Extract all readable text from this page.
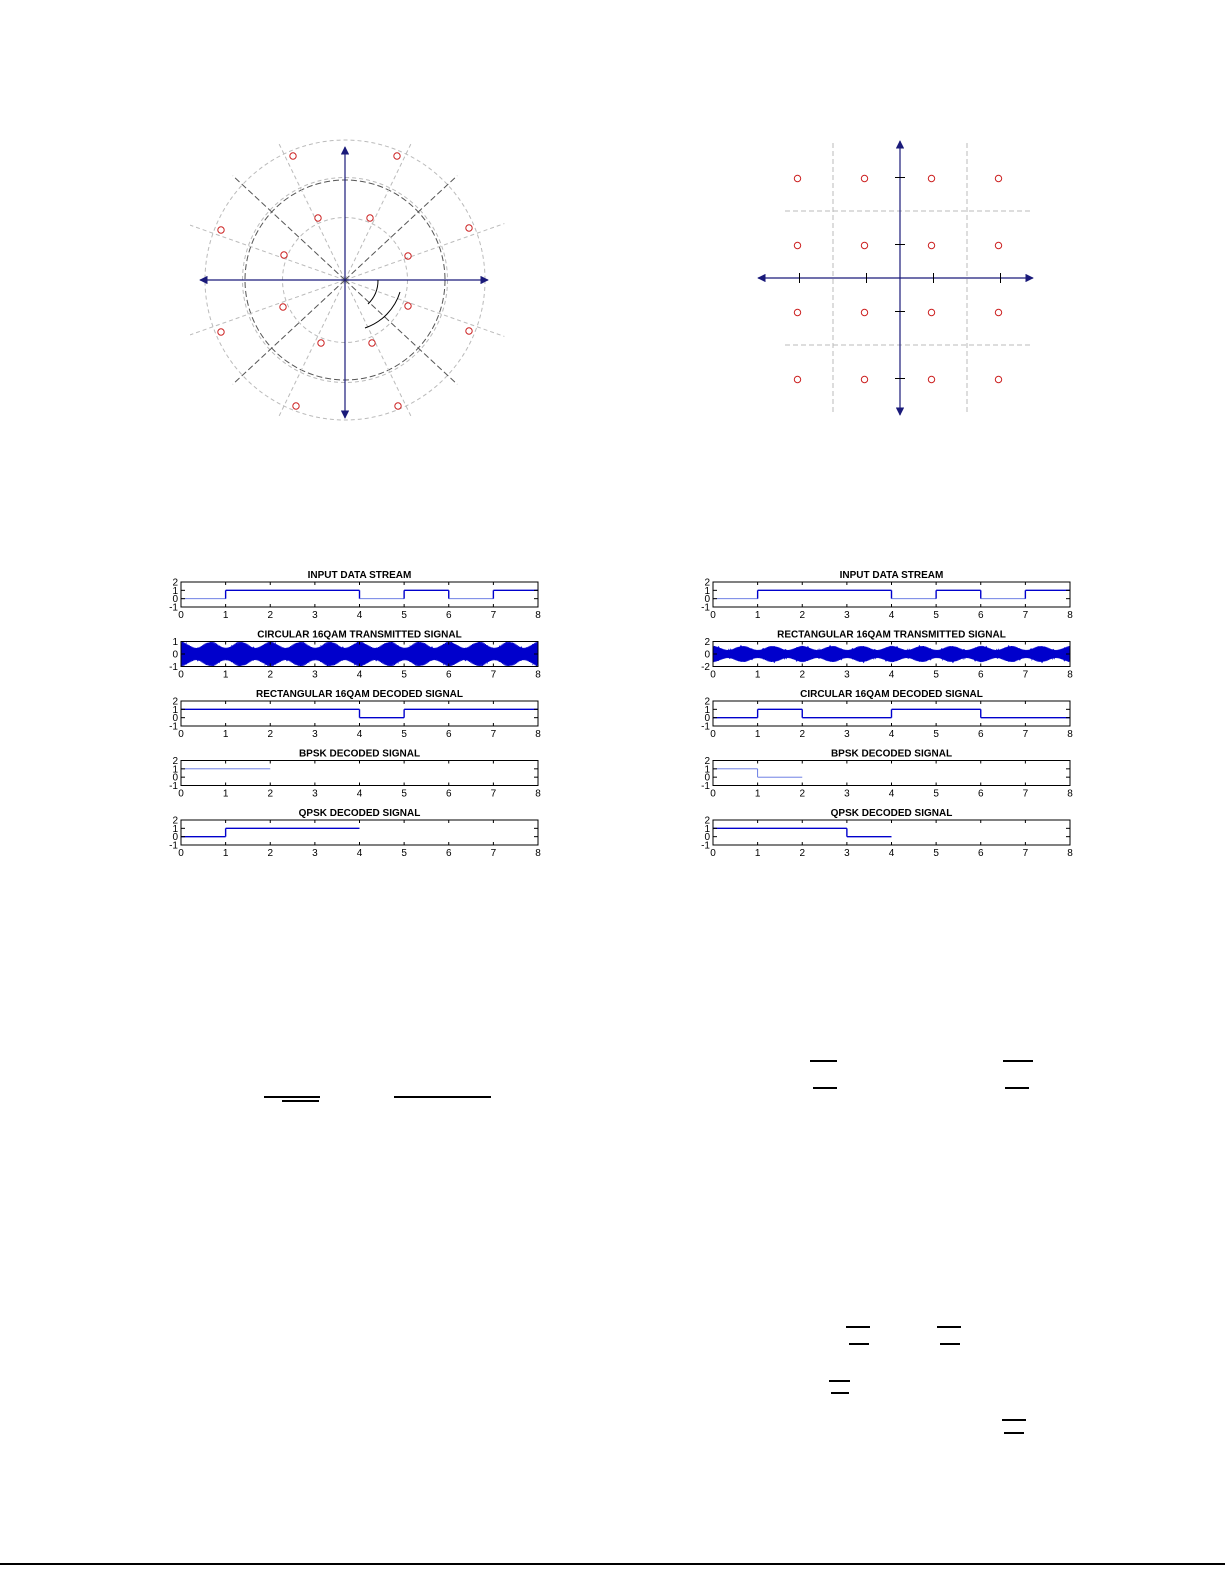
INPUT DATA STREAM
2
1
0
-1
0	1	2	3	4	5	6	7	8
CIRCULAR 16QAM TRANSMITTED SIGNAL
1
0
-1
0	1	2	3	4	5	6	7	8
RECTANGULAR 16QAM DECODED SIGNAL
2
1
0
-1
0	1	2	3	4	5	6	7	8
BPSK DECODED SIGNAL
2
1
0
-1
0	1	2	3	4	5	6	7	8
QPSK DECODED SIGNAL
2
1
0
-1
0	1	2	3	4	5	6	7	8
INPUT DATA STREAM
2
1
0
-1
0	1	2	3	4	5	6	7	8
RECTANGULAR 16QAM TRANSMITTED SIGNAL
2
0
-2
0	1	2	3	4	5	6	7	8
CIRCULAR 16QAM DECODED SIGNAL
2
1
0
-1
0	1	2	3	4	5	6	7	8
BPSK DECODED SIGNAL
2
1
0
-1
0	1	2	3	4	5	6	7	8
QPSK DECODED SIGNAL
2
1
0
-1
0	1	2	3	4	5	6	7	8
